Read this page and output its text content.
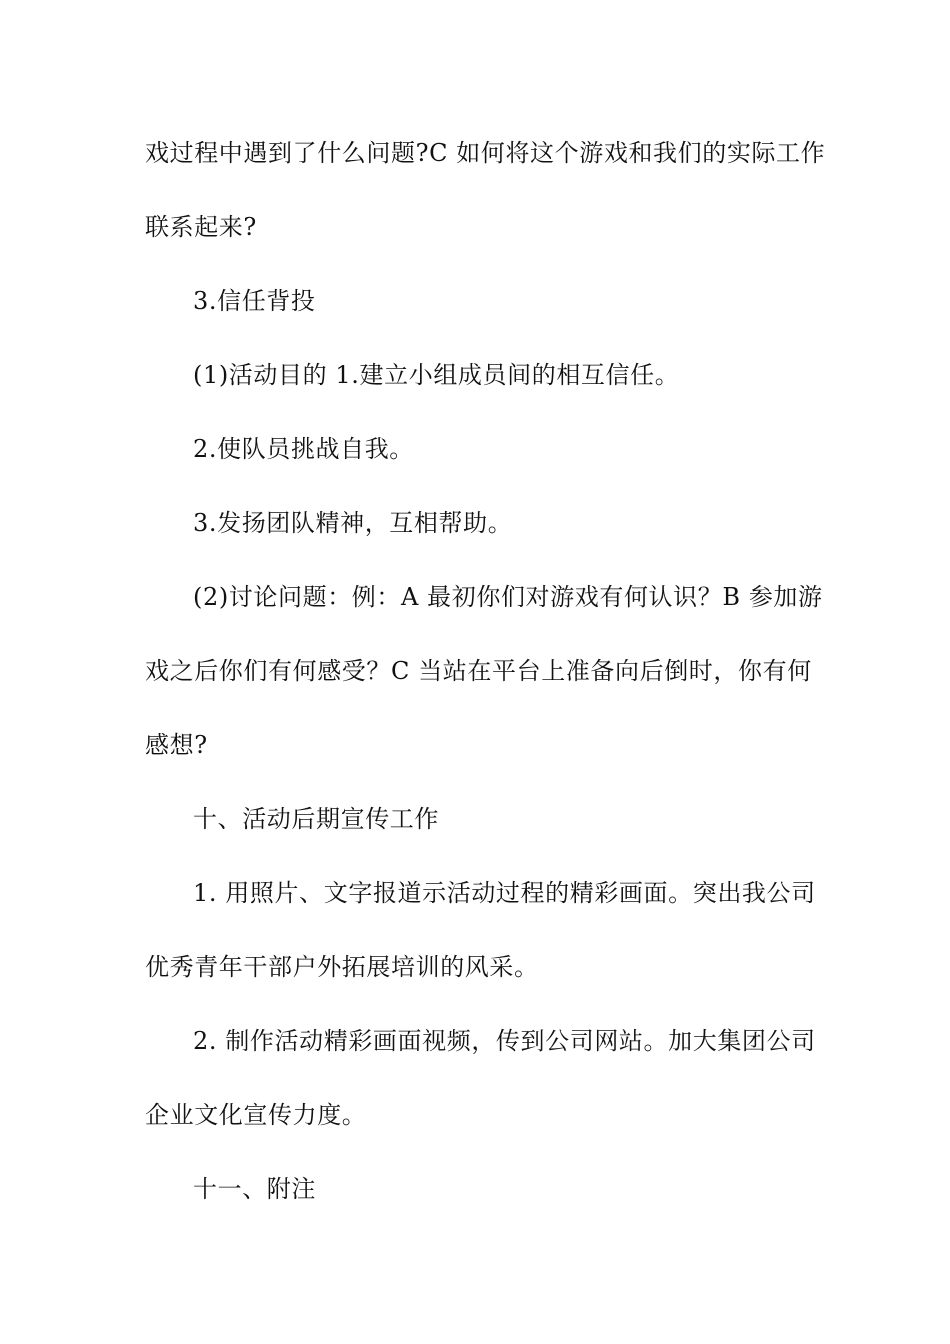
戏过程中遇到了什么问题?C 如何将这个游戏和我们的实际工作
联系起来?
3.信任背投
(1)活动目的 1.建立小组成员间的相互信任。
2.使队员挑战自我。
3.发扬团队精神，互相帮助。
(2)讨论问题：例：A 最初你们对游戏有何认识？B 参加游
戏之后你们有何感受？C 当站在平台上准备向后倒时，你有何
感想?
十、活动后期宣传工作
1. 用照片、文字报道示活动过程的精彩画面。突出我公司
优秀青年干部户外拓展培训的风采。
2. 制作活动精彩画面视频，传到公司网站。加大集团公司
企业文化宣传力度。
十一、附注
